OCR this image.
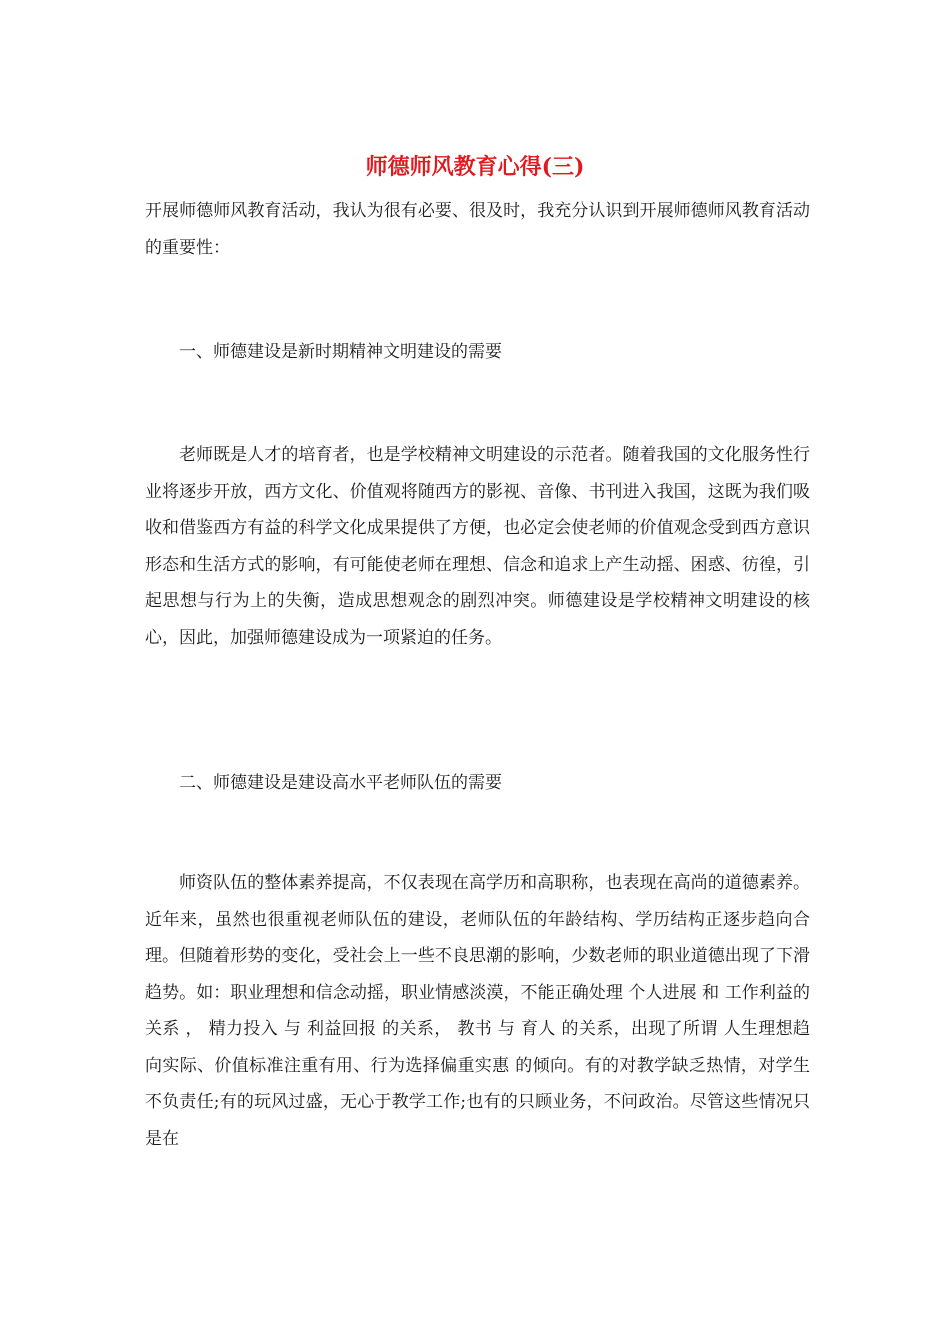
师德师风教育心得(三)

开展师德师风教育活动，我认为很有必要、很及时，我充分认识到开展师德师风教育活动的重要性：

一、师德建设是新时期精神文明建设的需要

老师既是人才的培育者，也是学校精神文明建设的示范者。随着我国的文化服务性行业将逐步开放，西方文化、价值观将随西方的影视、音像、书刊进入我国，这既为我们吸收和借鉴西方有益的科学文化成果提供了方便，也必定会使老师的价值观念受到西方意识形态和生活方式的影响，有可能使老师在理想、信念和追求上产生动摇、困惑、彷徨，引起思想与行为上的失衡，造成思想观念的剧烈冲突。师德建设是学校精神文明建设的核心，因此，加强师德建设成为一项紧迫的任务。

二、师德建设是建设高水平老师队伍的需要

师资队伍的整体素养提高，不仅表现在高学历和高职称，也表现在高尚的道德素养。近年来，虽然也很重视老师队伍的建设，老师队伍的年龄结构、学历结构正逐步趋向合理。但随着形势的变化，受社会上一些不良思潮的影响，少数老师的职业道德出现了下滑趋势。如：职业理想和信念动摇，职业情感淡漠，不能正确处理 个人进展 和 工作利益的关系 ， 精力投入 与 利益回报 的关系， 教书 与 育人 的关系，出现了所谓 人生理想趋向实际、价值标准注重有用、行为选择偏重实惠 的倾向。有的对教学缺乏热情，对学生不负责任;有的玩风过盛，无心于教学工作;也有的只顾业务，不问政治。尽管这些情况只是在
